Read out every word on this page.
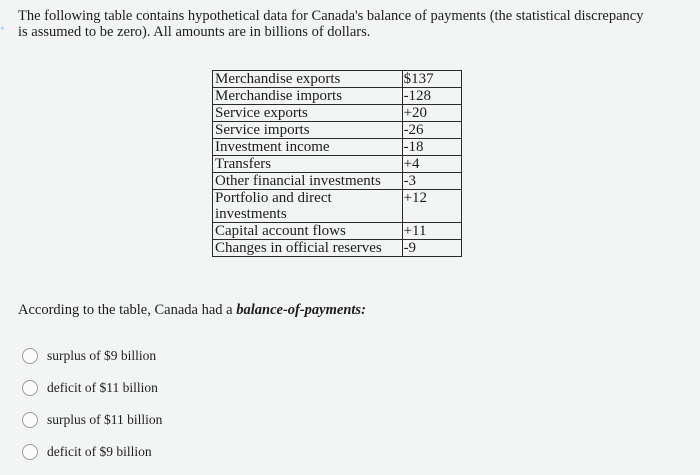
•
The following table contains hypothetical data for Canada's balance of payments (the statistical discrepancy
is assumed to be zero). All amounts are in billions of dollars.
Merchandise exports	$137
Merchandise imports	-128
Service exports	+20
Service imports	-26
Investment income	-18
Transfers	+4
Other financial investments	-3
Portfolio and direct investments	+12
Capital account flows	+11
Changes in official reserves	-9

According to the table, Canada had a balance-of-payments:

surplus of $9 billion
deficit of $11 billion
surplus of $11 billion
deficit of $9 billion
